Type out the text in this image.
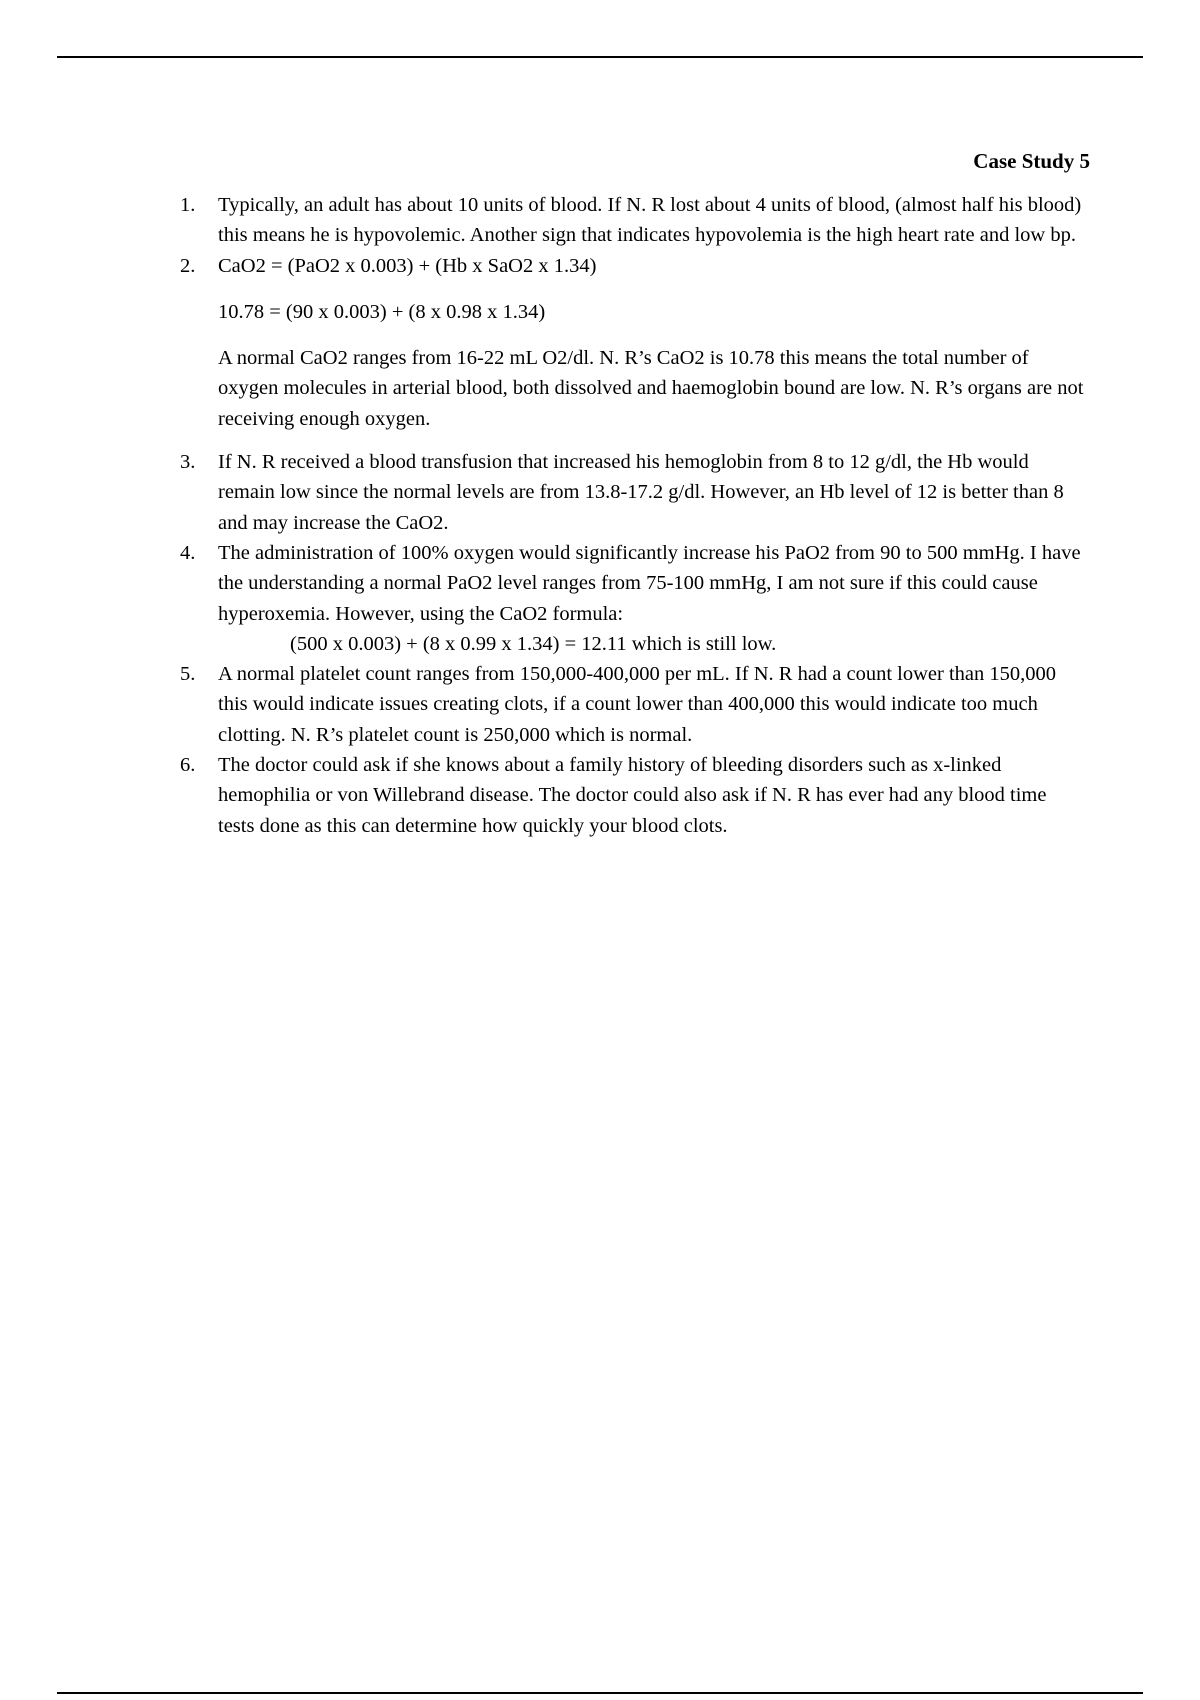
Case Study 5
1. Typically, an adult has about 10 units of blood. If N. R lost about 4 units of blood, (almost half his blood) this means he is hypovolemic. Another sign that indicates hypovolemia is the high heart rate and low bp.
2. CaO2 = (PaO2 x 0.003) + (Hb x SaO2 x 1.34)
10.78 = (90 x 0.003) + (8 x 0.98 x 1.34)
A normal CaO2 ranges from 16-22 mL O2/dl. N. R’s CaO2 is 10.78 this means the total number of oxygen molecules in arterial blood, both dissolved and haemoglobin bound are low. N. R’s organs are not receiving enough oxygen.
3. If N. R received a blood transfusion that increased his hemoglobin from 8 to 12 g/dl, the Hb would remain low since the normal levels are from 13.8-17.2 g/dl. However, an Hb level of 12 is better than 8 and may increase the CaO2.
4. The administration of 100% oxygen would significantly increase his PaO2 from 90 to 500 mmHg. I have the understanding a normal PaO2 level ranges from 75-100 mmHg, I am not sure if this could cause hyperoxemia. However, using the CaO2 formula:
(500 x 0.003) + (8 x 0.99 x 1.34) = 12.11 which is still low.
5. A normal platelet count ranges from 150,000-400,000 per mL. If N. R had a count lower than 150,000 this would indicate issues creating clots, if a count lower than 400,000 this would indicate too much clotting. N. R’s platelet count is 250,000 which is normal.
6. The doctor could ask if she knows about a family history of bleeding disorders such as x-linked hemophilia or von Willebrand disease. The doctor could also ask if N. R has ever had any blood time tests done as this can determine how quickly your blood clots.
